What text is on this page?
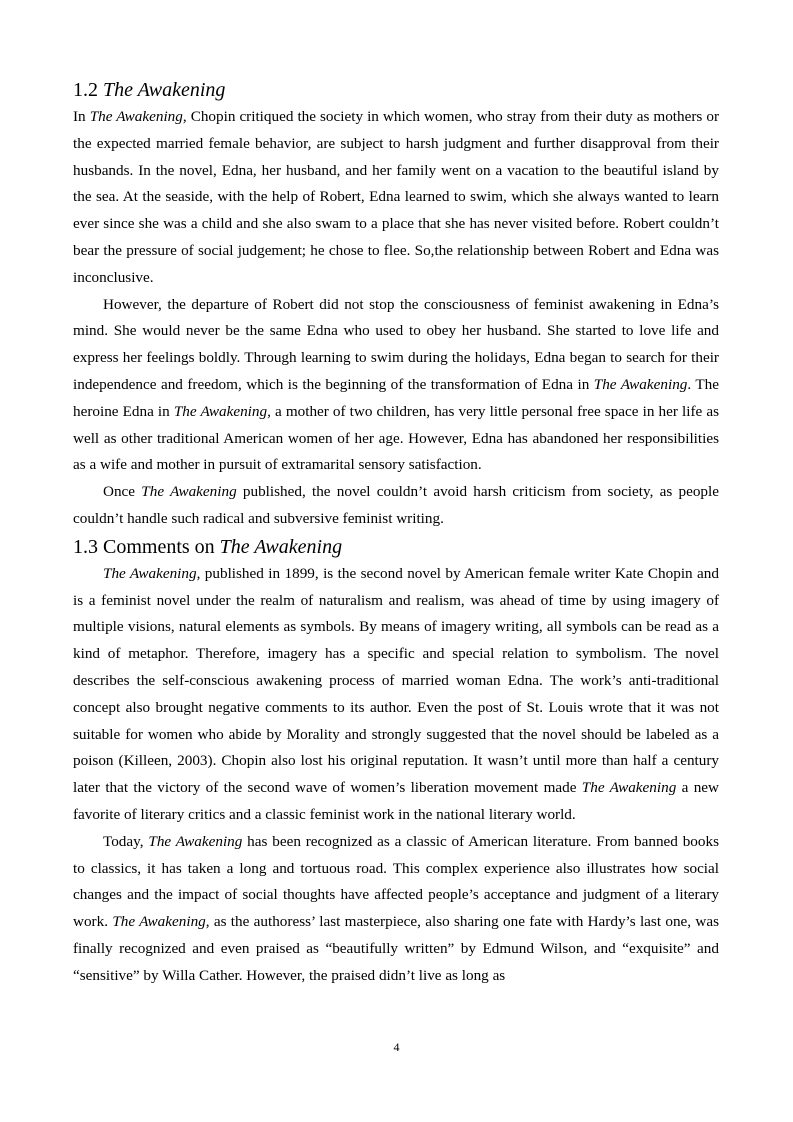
1.2 The Awakening

In The Awakening, Chopin critiqued the society in which women, who stray from their duty as mothers or the expected married female behavior, are subject to harsh judgment and further disapproval from their husbands. In the novel, Edna, her husband, and her family went on a vacation to the beautiful island by the sea. At the seaside, with the help of Robert, Edna learned to swim, which she always wanted to learn ever since she was a child and she also swam to a place that she has never visited before. Robert couldn’t bear the pressure of social judgement; he chose to flee. So,the relationship between Robert and Edna was inconclusive.

However, the departure of Robert did not stop the consciousness of feminist awakening in Edna’s mind. She would never be the same Edna who used to obey her husband. She started to love life and express her feelings boldly. Through learning to swim during the holidays, Edna began to search for their independence and freedom, which is the beginning of the transformation of Edna in The Awakening. The heroine Edna in The Awakening, a mother of two children, has very little personal free space in her life as well as other traditional American women of her age. However, Edna has abandoned her responsibilities as a wife and mother in pursuit of extramarital sensory satisfaction.

Once The Awakening published, the novel couldn’t avoid harsh criticism from society, as people couldn’t handle such radical and subversive feminist writing.

1.3 Comments on The Awakening

The Awakening, published in 1899, is the second novel by American female writer Kate Chopin and is a feminist novel under the realm of naturalism and realism, was ahead of time by using imagery of multiple visions, natural elements as symbols. By means of imagery writing, all symbols can be read as a kind of metaphor. Therefore, imagery has a specific and special relation to symbolism. The novel describes the self-conscious awakening process of married woman Edna. The work’s anti-traditional concept also brought negative comments to its author. Even the post of St. Louis wrote that it was not suitable for women who abide by Morality and strongly suggested that the novel should be labeled as a poison (Killeen, 2003). Chopin also lost his original reputation. It wasn’t until more than half a century later that the victory of the second wave of women’s liberation movement made The Awakening a new favorite of literary critics and a classic feminist work in the national literary world.

Today, The Awakening has been recognized as a classic of American literature. From banned books to classics, it has taken a long and tortuous road. This complex experience also illustrates how social changes and the impact of social thoughts have affected people’s acceptance and judgment of a literary work. The Awakening, as the authoress’ last masterpiece, also sharing one fate with Hardy’s last one, was finally recognized and even praised as “beautifully written” by Edmund Wilson, and “exquisite” and “sensitive” by Willa Cather. However, the praised didn’t live as long as

4
